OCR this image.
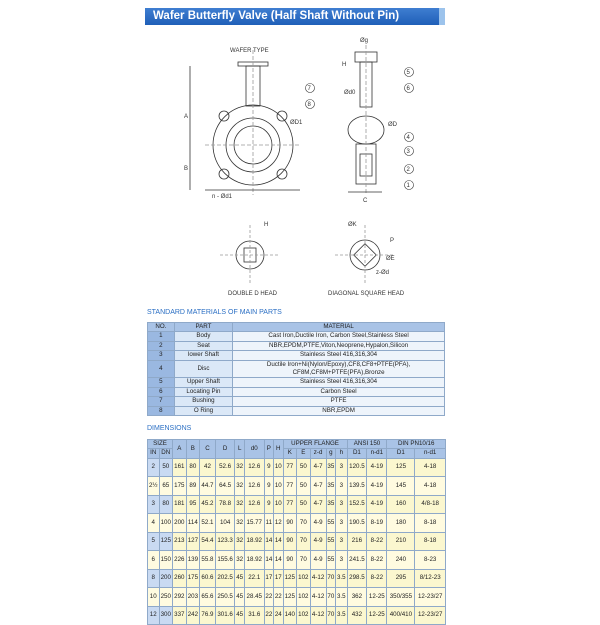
Wafer Butterfly Valve (Half Shaft Without Pin)
WAFER TYPE
A
B
ØD1
n - Ød1
Øg
H
Ød0
ØD
C
H	ØK
P
ØE
z-Ød
5
6
7
8
4
3
2
1
DOUBLE D HEAD	DIAGONAL SQUARE HEAD
STANDARD MATERIALS OF MAIN PARTS
NO.	PART	MATERIAL
1	Body	Cast Iron,Ductile Iron, Carbon Steel,Stainless Steel
2	Seat	NBR,EPDM,PTFE,Viton,Neoprene,Hypalon,Silicon
3	lower Shaft	Stainless Steel 416,316,304
4	Disc	Ductile Iron+Ni(Nylon/Epoxy),CF8,CF8+PTFE(PFA), CF8M,CF8M+PTFE(PFA),Bronze
5	Upper Shaft	Stainless Steel 416,316,304
6	Locating Pin	Carbon Steel
7	Bushing	PTFE
8	O Ring	NBR,EPDM
DIMENSIONS
SIZE		A	B	C	D	L	d0	P	H	UPPER FLANGE					ANSI 150		DIN PN10/16	
IN	DN									K	E	z-d	g	h	D1	n-d1	D1	n-d1
2	50	161	80	42	52.6	32	12.6	9	10	77	50	4-7	35	3	120.5	4-19	125	4-18
2½	65	175	89	44.7	64.5	32	12.6	9	10	77	50	4-7	35	3	139.5	4-19	145	4-18
3	80	181	95	45.2	78.8	32	12.6	9	10	77	50	4-7	35	3	152.5	4-19	160	4/8-18
4	100	200	114	52.1	104	32	15.77	11	12	90	70	4-9	55	3	190.5	8-19	180	8-18
5	125	213	127	54.4	123.3	32	18.92	14	14	90	70	4-9	55	3	216	8-22	210	8-18
6	150	226	139	55.8	155.6	32	18.92	14	14	90	70	4-9	55	3	241.5	8-22	240	8-23
8	200	260	175	60.6	202.5	45	22.1	17	17	125	102	4-12	70	3.5	298.5	8-22	295	8/12-23
10	250	292	203	65.6	250.5	45	28.45	22	22	125	102	4-12	70	3.5	362	12-25	350/355	12-23/27
12	300	337	242	76.9	301.6	45	31.6	22	24	140	102	4-12	70	3.5	432	12-25	400/410	12-23/27
